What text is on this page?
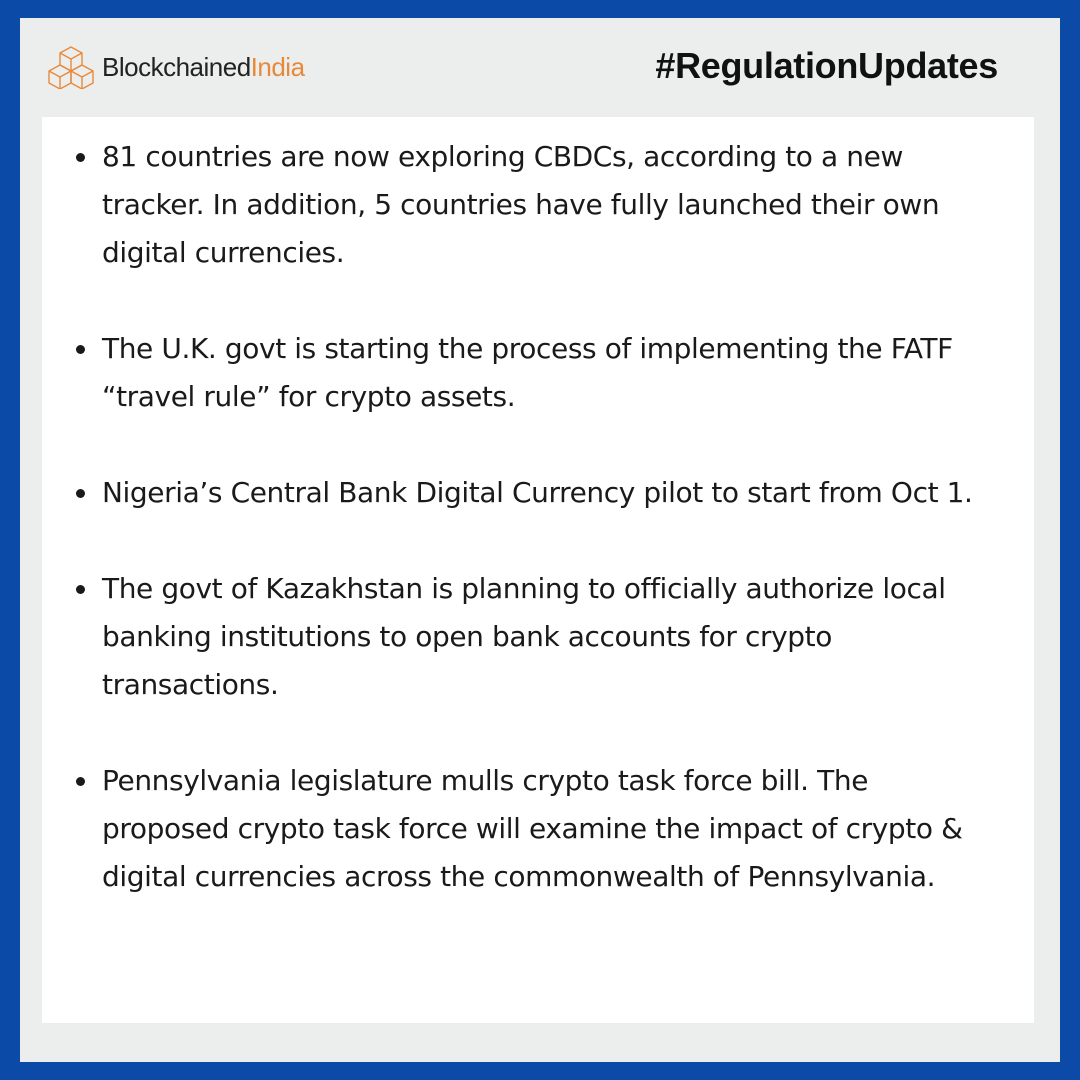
BlockchainedIndia	#RegulationUpdates
81 countries are now exploring CBDCs, according to a new tracker. In addition, 5 countries have fully launched their own digital currencies.
The U.K. govt is starting the process of implementing the FATF “travel rule” for crypto assets.
Nigeria’s Central Bank Digital Currency pilot to start from Oct 1.
The govt of Kazakhstan is planning to officially authorize local banking institutions to open bank accounts for crypto transactions.
Pennsylvania legislature mulls crypto task force bill. The proposed crypto task force will examine the impact of crypto & digital currencies across the commonwealth of Pennsylvania.
